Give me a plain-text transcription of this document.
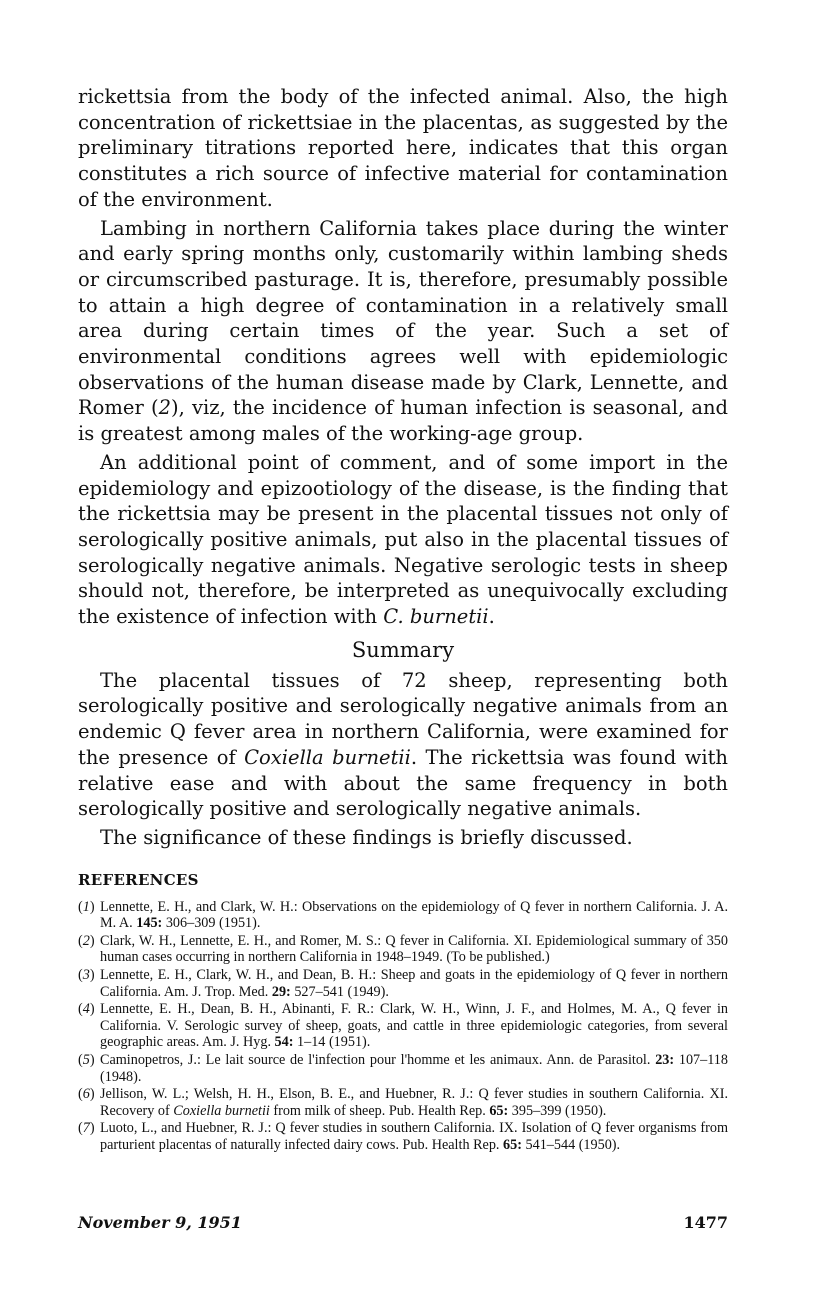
rickettsia from the body of the infected animal. Also, the high concentration of rickettsiae in the placentas, as suggested by the preliminary titrations reported here, indicates that this organ constitutes a rich source of infective material for contamination of the environment.

Lambing in northern California takes place during the winter and early spring months only, customarily within lambing sheds or circumscribed pasturage. It is, therefore, presumably possible to attain a high degree of contamination in a relatively small area during certain times of the year. Such a set of environmental conditions agrees well with epidemiologic observations of the human disease made by Clark, Lennette, and Romer (2), viz, the incidence of human infection is seasonal, and is greatest among males of the working-age group.

An additional point of comment, and of some import in the epidemiology and epizootiology of the disease, is the finding that the rickettsia may be present in the placental tissues not only of serologically positive animals, put also in the placental tissues of serologically negative animals. Negative serologic tests in sheep should not, therefore, be interpreted as unequivocally excluding the existence of infection with C. burnetii.

Summary

The placental tissues of 72 sheep, representing both serologically positive and serologically negative animals from an endemic Q fever area in northern California, were examined for the presence of Coxiella burnetii. The rickettsia was found with relative ease and with about the same frequency in both serologically positive and serologically negative animals.

The significance of these findings is briefly discussed.

REFERENCES
(1) Lennette, E. H., and Clark, W. H.: Observations on the epidemiology of Q fever in northern California. J. A. M. A. 145: 306–309 (1951).
(2) Clark, W. H., Lennette, E. H., and Romer, M. S.: Q fever in California. XI. Epidemiological summary of 350 human cases occurring in northern California in 1948–1949. (To be published.)
(3) Lennette, E. H., Clark, W. H., and Dean, B. H.: Sheep and goats in the epidemiology of Q fever in northern California. Am. J. Trop. Med. 29: 527–541 (1949).
(4) Lennette, E. H., Dean, B. H., Abinanti, F. R.: Clark, W. H., Winn, J. F., and Holmes, M. A., Q fever in California. V. Serologic survey of sheep, goats, and cattle in three epidemiologic categories, from several geographic areas. Am. J. Hyg. 54: 1–14 (1951).
(5) Caminopetros, J.: Le lait source de l'infection pour l'homme et les animaux. Ann. de Parasitol. 23: 107–118 (1948).
(6) Jellison, W. L.; Welsh, H. H., Elson, B. E., and Huebner, R. J.: Q fever studies in southern California. XI. Recovery of Coxiella burnetii from milk of sheep. Pub. Health Rep. 65: 395–399 (1950).
(7) Luoto, L., and Huebner, R. J.: Q fever studies in southern California. IX. Isolation of Q fever organisms from parturient placentas of naturally infected dairy cows. Pub. Health Rep. 65: 541–544 (1950).
November 9, 1951	1477
